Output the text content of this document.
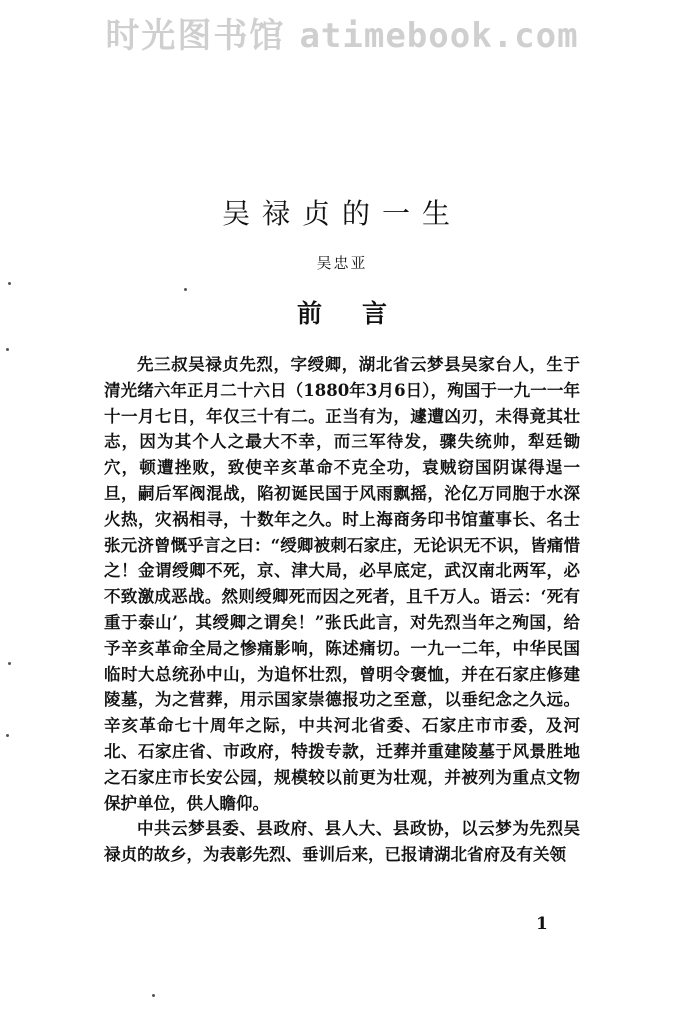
时光图书馆 atimebook.com
吴禄贞的一生
吴忠亚
前言

先三叔吴禄贞先烈，字绶卿，湖北省云梦县吴家台人，生于清光绪六年正月二十六日（1880年3月6日），殉国于一九一一年十一月七日，年仅三十有二。正当有为，遽遭凶刃，未得竟其壮志，因为其个人之最大不幸，而三军待发，骤失统帅，犁廷锄穴，顿遭挫败，致使辛亥革命不克全功，袁贼窃国阴谋得逞一旦，嗣后军阀混战，陷初诞民国于风雨飘摇，沦亿万同胞于水深火热，灾祸相寻，十数年之久。时上海商务印书馆董事长、名士张元济曾慨乎言之曰：“绶卿被刺石家庄，无论识无不识，皆痛惜之！金谓绶卿不死，京、津大局，必早底定，武汉南北两军，必不致激成恶战。然则绶卿死而因之死者，且千万人。语云：‘死有重于泰山’，其绶卿之谓矣！”张氏此言，对先烈当年之殉国，给予辛亥革命全局之惨痛影响，陈述痛切。一九一二年，中华民国临时大总统孙中山，为追怀壮烈，曾明令褒恤，并在石家庄修建陵墓，为之营葬，用示国家崇德报功之至意，以垂纪念之久远。辛亥革命七十周年之际，中共河北省委、石家庄市市委，及河北、石家庄省、市政府，特拨专款，迁葬并重建陵墓于风景胜地之石家庄市长安公园，规模较以前更为壮观，并被列为重点文物保护单位，供人瞻仰。

中共云梦县委、县政府、县人大、县政协，以云梦为先烈吴禄贞的故乡，为表彰先烈、垂训后来，已报请湖北省府及有关领

1
